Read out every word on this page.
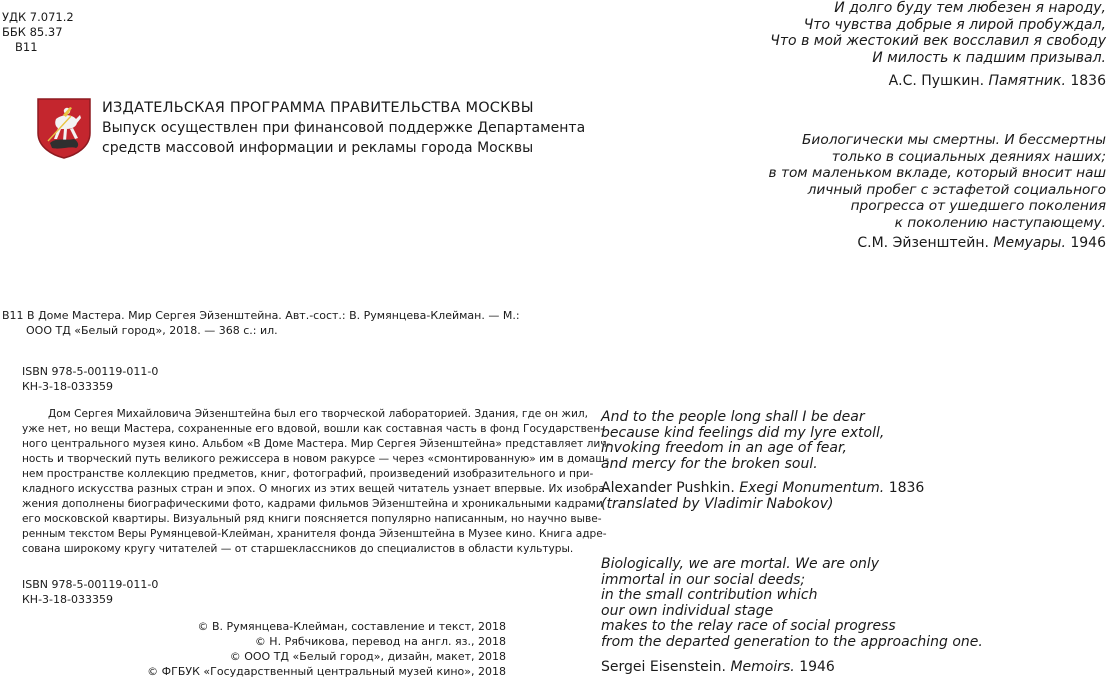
УДК 7.071.2
ББК 85.37
В11
ИЗДАТЕЛЬСКАЯ ПРОГРАММА ПРАВИТЕЛЬСТВА МОСКВЫ
Выпуск осуществлен при финансовой поддержке Департамента
средств массовой информации и рекламы города Москвы
В11 В Доме Мастера. Мир Сергея Эйзенштейна. Авт.-сост.: В. Румянцева-Клейман. — М.:
ООО ТД «Белый город», 2018. — 368 с.: ил.
ISBN 978-5-00119-011-0
КН-3-18-033359
Дом Сергея Михайловича Эйзенштейна был его творческой лабораторией. Здания, где он жил,
уже нет, но вещи Мастера, сохраненные его вдовой, вошли как составная часть в фонд Государствен-
ного центрального музея кино. Альбом «В Доме Мастера. Мир Сергея Эйзенштейна» представляет лич-
ность и творческий путь великого режиссера в новом ракурсе — через «смонтированную» им в домаш-
нем пространстве коллекцию предметов, книг, фотографий, произведений изобразительного и при-
кладного искусства разных стран и эпох. О многих из этих вещей читатель узнает впервые. Их изобра-
жения дополнены биографическими фото, кадрами фильмов Эйзенштейна и хроникальными кадрами
его московской квартиры. Визуальный ряд книги поясняется популярно написанным, но научно выве-
ренным текстом Веры Румянцевой-Клейман, хранителя фонда Эйзенштейна в Музее кино. Книга адре-
сована широкому кругу читателей — от старшеклассников до специалистов в области культуры.
ISBN 978-5-00119-011-0
КН-3-18-033359
© В. Румянцева-Клейман, составление и текст, 2018
© Н. Рябчикова, перевод на англ. яз., 2018
© ООО ТД «Белый город», дизайн, макет, 2018
© ФГБУК «Государственный центральный музей кино», 2018
И долго буду тем любезен я народу,
Что чувства добрые я лирой пробуждал,
Что в мой жестокий век восславил я свободу
И милость к падшим призывал.
А.С. Пушкин. Памятник. 1836
Биологически мы смертны. И бессмертны
только в социальных деяниях наших;
в том маленьком вкладе, который вносит наш
личный пробег с эстафетой социального
прогресса от ушедшего поколения
к поколению наступающему.
С.М. Эйзенштейн. Мемуары. 1946
And to the people long shall I be dear
because kind feelings did my lyre extoll,
invoking freedom in an age of fear,
and mercy for the broken soul.
Alexander Pushkin. Exegi Monumentum. 1836
(translated by Vladimir Nabokov)
Biologically, we are mortal. We are only
immortal in our social deeds;
in the small contribution which
our own individual stage
makes to the relay race of social progress
from the departed generation to the approaching one.
Sergei Eisenstein. Memoirs. 1946
